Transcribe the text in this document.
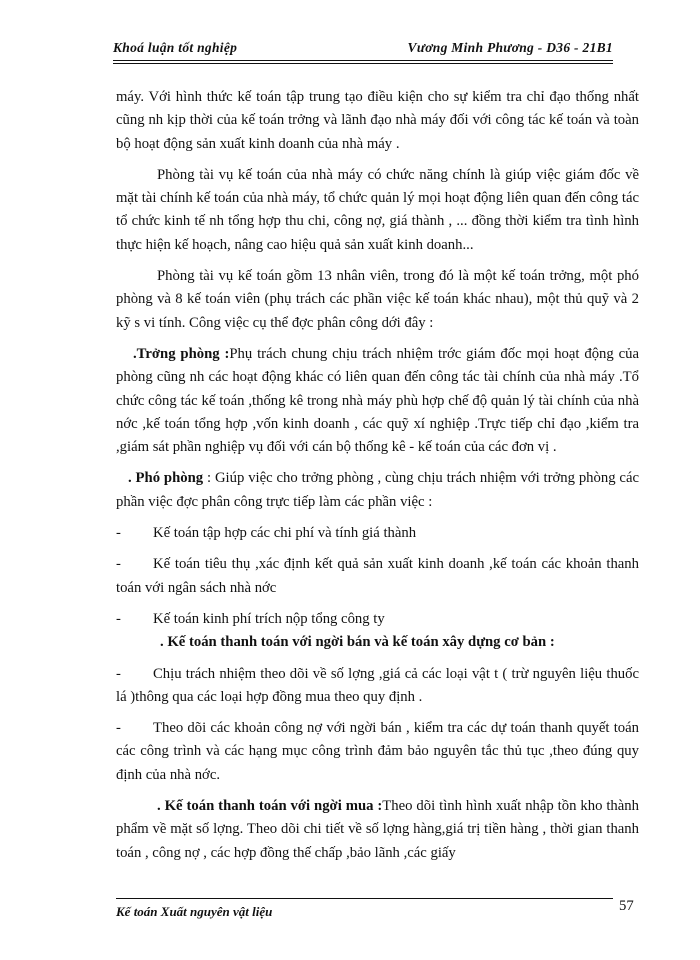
Khoá luận tốt nghiệp	Vương Minh Phương - D36 - 21B1

máy. Với hình thức kế toán tập trung tạo điều kiện cho sự kiểm tra chỉ đạo thống nhất cũng nh kịp thời của kế toán trởng và lãnh đạo nhà máy đối với công tác kế toán và toàn bộ hoạt động sản xuất kinh doanh của nhà máy .

Phòng tài vụ kế toán của nhà máy có chức năng chính là giúp việc giám đốc về mặt tài chính kế toán của nhà máy, tổ chức quản lý mọi hoạt động liên quan đến công tác tổ chức kinh tế nh tổng hợp thu chi, công nợ, giá thành , ... đồng thời kiểm tra tình hình thực hiện kế hoạch, nâng cao hiệu quả sản xuất kinh doanh...

Phòng tài vụ kế toán gồm 13 nhân viên, trong đó là một kế toán trởng, một phó phòng và 8 kế toán viên (phụ trách các phần việc kế toán khác nhau), một thủ quỹ và 2 kỹ s vi tính. Công việc cụ thể đợc phân công dới đây :

.Trởng phòng :Phụ trách chung chịu trách nhiệm trớc giám đốc mọi hoạt động của phòng cũng nh các hoạt động khác có liên quan đến công tác tài chính của nhà máy .Tổ chức công tác kế toán ,thống kê trong nhà máy phù hợp chế độ quản lý tài chính của nhà nớc ,kế toán tổng hợp ,vốn kinh doanh , các quỹ xí nghiệp .Trực tiếp chỉ đạo ,kiểm tra ,giám sát phần nghiệp vụ đối với cán bộ thống kê - kế toán của các đơn vị .

. Phó phòng : Giúp việc cho trởng phòng , cùng chịu trách nhiệm với trởng phòng các phần việc đợc phân công trực tiếp làm các phần việc :

- Kế toán tập hợp các chi phí và tính giá thành

- Kế toán tiêu thụ ,xác định kết quả sản xuất kinh doanh ,kế toán các khoản thanh toán với ngân sách nhà nớc

- Kế toán kinh phí trích nộp tổng công ty

. Kế toán thanh toán với ngời bán và kế toán xây dựng cơ bản :

- Chịu trách nhiệm theo dõi về số lợng ,giá cả các loại vật t ( trừ nguyên liệu thuốc lá )thông qua các loại hợp đồng mua theo quy định .

- Theo dõi các khoản công nợ với ngời bán , kiểm tra các dự toán thanh quyết toán các công trình và các hạng mục công trình đảm bảo nguyên tắc thủ tục ,theo đúng quy định của nhà nớc.

. Kế toán thanh toán với ngời mua :Theo dõi tình hình xuất nhập tồn kho thành phẩm về mặt số lợng. Theo dõi chi tiết về số lợng hàng,giá trị tiền hàng , thời gian thanh toán , công nợ , các hợp đồng thế chấp ,bảo lãnh ,các giấy

Kế toán Xuất nguyên vật liệu	57
